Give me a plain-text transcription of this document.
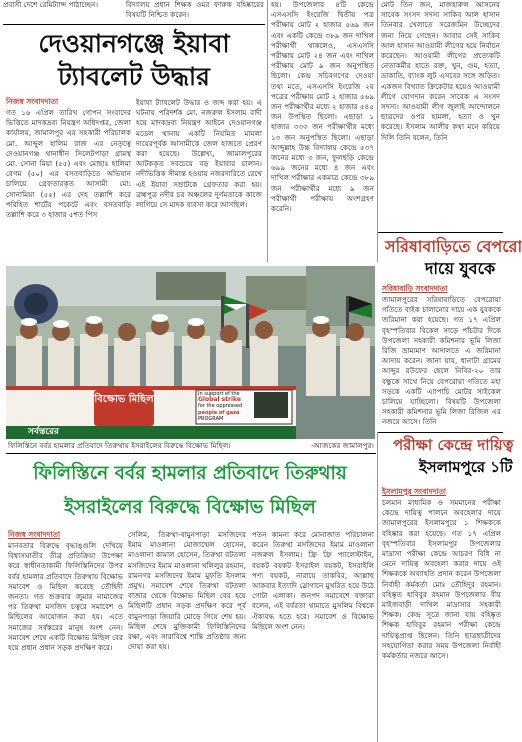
প্রবাসী দেশে রেমিট্যান্স পাঠাচ্ছেন।
দেওয়ানগঞ্জে ইয়াবা ট্যাবলেট উদ্ধার
নিজস্ব সংবাদদাতা
গত ১৬ এপ্রিল তারিখ গোপন সংবাদের ভিত্তিতে মাদকদ্রব্য নিয়ন্ত্রণ অধিদপ্তর, জেলা কার্যালয়, জামালপুর এর সহকারী পরিচালক মো. আব্দুল হালিম রাজ এর নেতৃত্বে দেওয়ানগঞ্জ থানাধীন সিলেটপাড়া গ্রামস্থ মো. সোনা মিয়া (৫৫) এবং মোছাঃ হালিমা বেগম (৫০) এর বসতবাড়িতে অভিযান চালিয়ে গ্রেফতারকৃত আসামী মো: সোনামিয়া (৫৫) এর দেহ তল্লাশি করে পরিহিত শার্টের পকেটে এবং বসতবাড়ি তল্লাশি করে ৩ হাজার ৫শত পিস
ইয়াবা ট্যাবলেট উদ্ধার ও জব্দ করা হয়। এ ঘটনায় পরিদর্শক মো. নজরুল ইসলাম বাদী হয়ে মাদকদ্রব্য নিয়ন্ত্রণ আইনে দেওয়ানগঞ্জ মডেল থানায় একটি নিয়মিত মামলা দায়েরপূর্বক আসামীকে জেল হাজতে প্রেরণ করা হয়েছে। উল্লেখ্য, জামালপুরের আটককৃত সবচেয়ে বড় ইয়াবার চালান। নদীভিত্তিক সীমান্ত হওয়ায় নজরদারিতে রেখে এই ইয়াবা সম্রাটকে গ্রেফতার করা হয়। ব্রহ্মপুত্র নদীর চর অঞ্চলের দুর্গমতাকে কাজে লাগিয়ে সে মাদক ব্যবসা করে আসছিল।
বিদ্যালয় প্রধান শিক্ষক ওমর ফারুক বহিষ্কারের বিষয়টি নিশ্চিত করেন।
হয়। উপজেলার ৪টি কেন্দ্রে এসএসসি ইংরেজি দ্বিতীয় পত্র পরীক্ষায় মোট ২ হাজার ৫৬৯ জন এবং একটি কেন্দ্রে ৩৮৯ জন দাখিল পরীক্ষার্থী থাকলেও, এসএসসি পরীক্ষায় মোট ২৪ জন এবং দাখিল পরীক্ষায় মোট ৯ জন অনুপস্থিত ছিলো। কেন্দ্র সচিবগণের দেওয়া তথ্য মতে, এসএসসি ইংরেজি ২য় পত্রের পরীক্ষায় মোট ২ হাজার ৫৬৯ জন পরীক্ষার্থীর মধ্যে ২ হাজার ৫৪৫ জন উপস্থিত ছিলো। এছাড়া ১ হাজার ৩৩৩ জন পরীক্ষার্থীর মধ্যে ১৩ জন অনুপস্থিত ছিলো। এছাড়া আব্দুল্লাহ উচ্চ বিদ্যালয় কেন্দ্রে ৫৩৭ জনের মধ্যে ৩ জন, ফুলছড়ি কেন্দ্রে ৬৯৯ জনের মধ্যে ৪ জন এবং দাখিল পরীক্ষার একমাত্র কেন্দ্রে ৩৮৯ জন পরীক্ষার্থীর মধ্যে ৯ জন পরীক্ষার্থী পরীক্ষায় অংশগ্রহণ করেনি।
মোট তিন জন, মাজহারুল আসনের সাবেক সংসদ সদস্য সাকিব আল হাসান তিনবার খেলাতে সরেজমিন উচ্ছেদের জন্য নিয়ে গেছেন। আবার সেই সাকিব আল হাসান আওয়ামী লীগের হয়ে নির্বাচন করেছেন। আওয়ামী লীগের প্রত্যেকটি নেতাকর্মীর হাতে রক্ত, খুন, গুম, হত্যা, ডাকাতি, ব্যাংক লুট এসবের সঙ্গে জড়িত। একজন বিখ্যাত ক্রিকেটার হয়েও আওয়ামী লীগে যোগদান করেন সাবেক এ সংসদ সদস্য। আওয়ামী লীগ জুলাই আন্দোলনে ছাত্রদের ওপর হামলা, হত্যা ও খুন করেছে। ইসলাম আলীর কথা মনে করিয়ে দিলি তিনি বলেন, তিনি
সরিষাবাড়িতে বেপরো
দায়ে যুবকে
সরিষাবাড়ি সংবাদদাতা
জামালপুরের সরিষাবাড়িতে বেপরোয়া গতিতে বাইক চালানোর দায়ে এক যুবককে জরিমানা করা হয়েছে। গত ১৭ এপ্রিল বৃহস্পতিবার বিকেল সাড়ে পাঁচটার দিকে উপজেলা সহকারী কমিশনার ভূমি লিজা রিজি ভ্রাম্যমাণ আদালতে এ জরিমানা আদায় করেন। জানা যায়, ধানাটা গ্রামের আব্দুর রউফের ছেলে নিবির-২০ তার বন্ধুকে সাথে নিয়ে বেপরোয়া গতিতে মহা সড়কে একটি এ্যাপাচি মোটর সাইকেল চালিয়ে যাচ্ছিলো। বিষয়টি উপজেলা সহকারী কমিশনার ভূমি লিজা রিজিল এর নজরে আসে। তিনি
বিক্ষোভ মিছিল
সর্বস্তরের
In support of the
Global strike
for the oppressed
people of gaza
PROGRAM
ফিলিস্তিনে বর্বর হামলার প্রতিবাদে তিরুথায় ইসরাইলের বিরুদ্ধে বিক্ষোভ মিছিল।	-আজকের জামালপুর।	পরীক্ষা কেন্দ্রে দায়িত্ব
ইসলামপুরে ১টি
ইসলামপুর সংবাদদাতা
চলমান মাধ্যমিক ও সমমানের পরীক্ষা কেন্দ্রে দায়িত্ব পালনে অবহেলার দায়ে জামালপুরের ইসলামপুরে ১ শিক্ষককে বহিষ্কার করা হয়েছে। গত ১৭ এপ্রিল বৃহস্পতিবার ইসলামপুর উপজেলার মাদ্রাসা পরীক্ষা কেন্দ্রে আচরণ বিধি না মেনে দায়িত্ব অবহেলা করার দায়ে ওই শিক্ষককে অব্যাহতি প্রদান করেন উপজেলা নির্বাহী কর্মকর্তা মোঃ তৌহিদুর রহমান। বহিষ্কৃত হাবিবুর রহমান উপজেলার বীর মাইজবাড়ী দাখিল মাদ্রাসার সহকারী শিক্ষক। কেন্দ্র সূত্রে জানা যায় বহিষ্কৃত শিক্ষক হাবিবুর রহমান পরীক্ষা কেন্দ্রে দায়িত্বপ্রাপ্ত ছিলেন। তিনি ছাত্রছাত্রীদের সহযোগিতা করার সময় উপজেলা নির্বাহী কর্মকর্তার নজরে আসে।
ফিলিস্তিনে বর্বর হামলার প্রতিবাদে তিরুথায়
ইসরাইলের বিরুদ্ধে বিক্ষোভ মিছিল
নিজস্ব সংবাদদাতা
মানবতার বিরুদ্ধে বৃদ্ধাঙ্গুলি দেখিয়ে বিশ্বাসঘাতীর তীব্র প্রতিক্রিয়া উপেক্ষা করে স্বাধীনতাকামী ফিলিস্তিনিদের উপর বর্বর হামলার প্রতিবাদে তিরুথায় বিক্ষোভ সমাবেশ ও মিছিল করেছে তৌহিদী জনতা। গত শুক্রবার জুমার নামাজের পর তিরুথা মসজিদ চত্বরে সমাবেশ ও মিছিলের আয়োজন করা হয়। এতে সমাজের সর্বস্তরের মানুষ অংশ নেন। সমাবেশ শেষে একটি বিক্ষোভ মিছিল বের হয়ে প্রধান প্রধান সড়ক প্রদক্ষিণ করে।
সেলিম, তিরুথা-বামুনপাড়া মসজিদের ইমাম মাওলানা মোজাম্মেল হোসেন, মাওলানা কামাল হোসেন, তিরুথা বটতলা মসজিদের ইমাম মাওলানা খলিলুর রহমান, রামনগর মসজিদের ইমাম মুফতি ইসলাম প্রমুখ। সমাবেশ শেষে তিরুথা বটতলা বাজার থেকে বিক্ষোভ মিছিল বের হয়ে মিছিলটি প্রধান সড়ক প্রদক্ষিণ করে পূর্ব বামুনপাড়া জিয়ারি মোড়ে গিয়ে শেষ হয়। মিছিল শেষে মুক্তিকামী ফিলিস্তিনিদের রক্ষা, এবং সারাবিশ্বে শান্তি প্রতিষ্ঠার জন্য দোয়া করা হয়।
পতন কামনা করে মোনাজাত পরিচালনা করেন তিরুথা মসজিদের ইমাম মাওলানা নজরুল ইসলাম। ফ্রি ফ্রি প্যালেস্টাইন, বয়কট বয়কট ইসরাইল বয়কট, ইসরাইলি পণ্য বয়কট, নারায়ে তাকবির, আল্লাহু আকবার ইত্যাদি স্লোগানে মুখরিত হয়ে উঠে গোটা এলাকা। জনপদ সমাবেশে বক্তারা বলেন, এই বর্বরতা থামাতে মুসলিম বিশ্বকে ঐক্যবদ্ধ হতে হবে। সমাবেশ ও বিক্ষোভ মিছিলে অংশ নেন।
